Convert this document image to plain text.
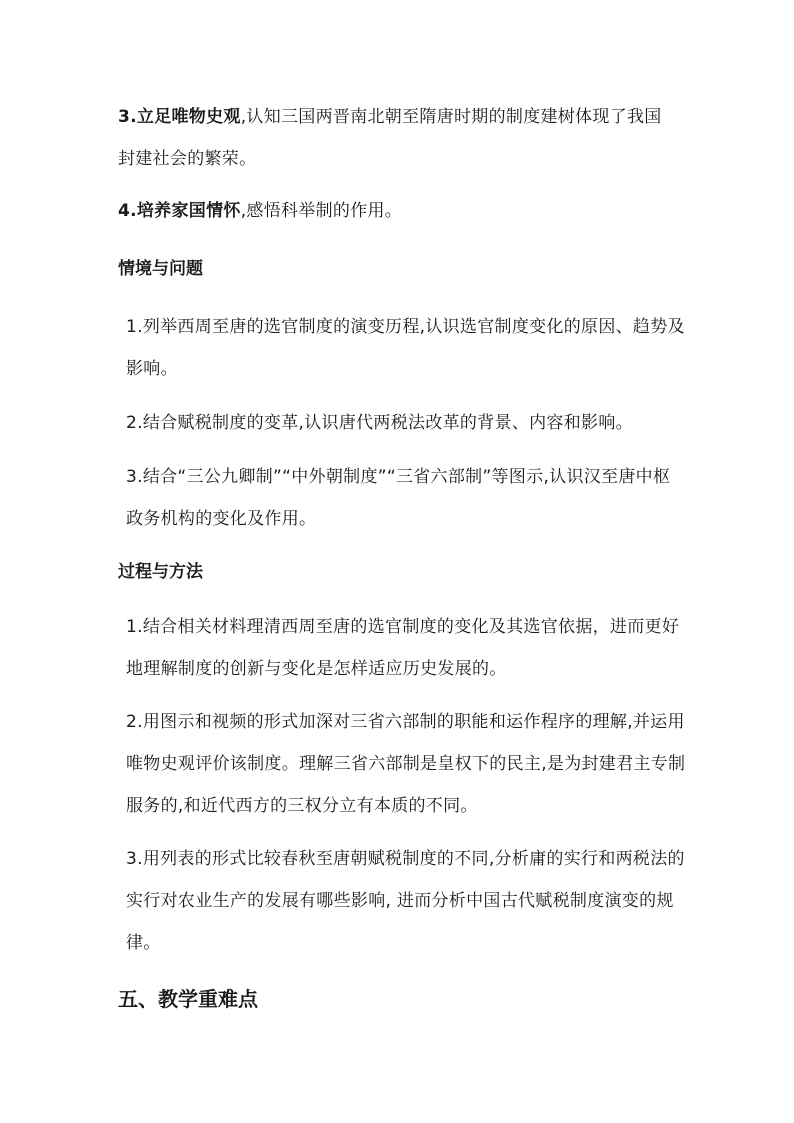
3.立足唯物史观,认知三国两晋南北朝至隋唐时期的制度建树体现了我国封建社会的繁荣。

4.培养家国情怀,感悟科举制的作用。

情境与问题

1.列举西周至唐的选官制度的演变历程,认识选官制度变化的原因、趋势及影响。

2.结合赋税制度的变革,认识唐代两税法改革的背景、内容和影响。

3.结合“三公九卿制”“中外朝制度”“三省六部制”等图示,认识汉至唐中枢政务机构的变化及作用。

过程与方法

1.结合相关材料理清西周至唐的选官制度的变化及其选官依据，进而更好地理解制度的创新与变化是怎样适应历史发展的。

2.用图示和视频的形式加深对三省六部制的职能和运作程序的理解,并运用唯物史观评价该制度。理解三省六部制是皇权下的民主,是为封建君主专制服务的,和近代西方的三权分立有本质的不同。

3.用列表的形式比较春秋至唐朝赋税制度的不同,分析庸的实行和两税法的实行对农业生产的发展有哪些影响, 进而分析中国古代赋税制度演变的规律。

五、教学重难点
